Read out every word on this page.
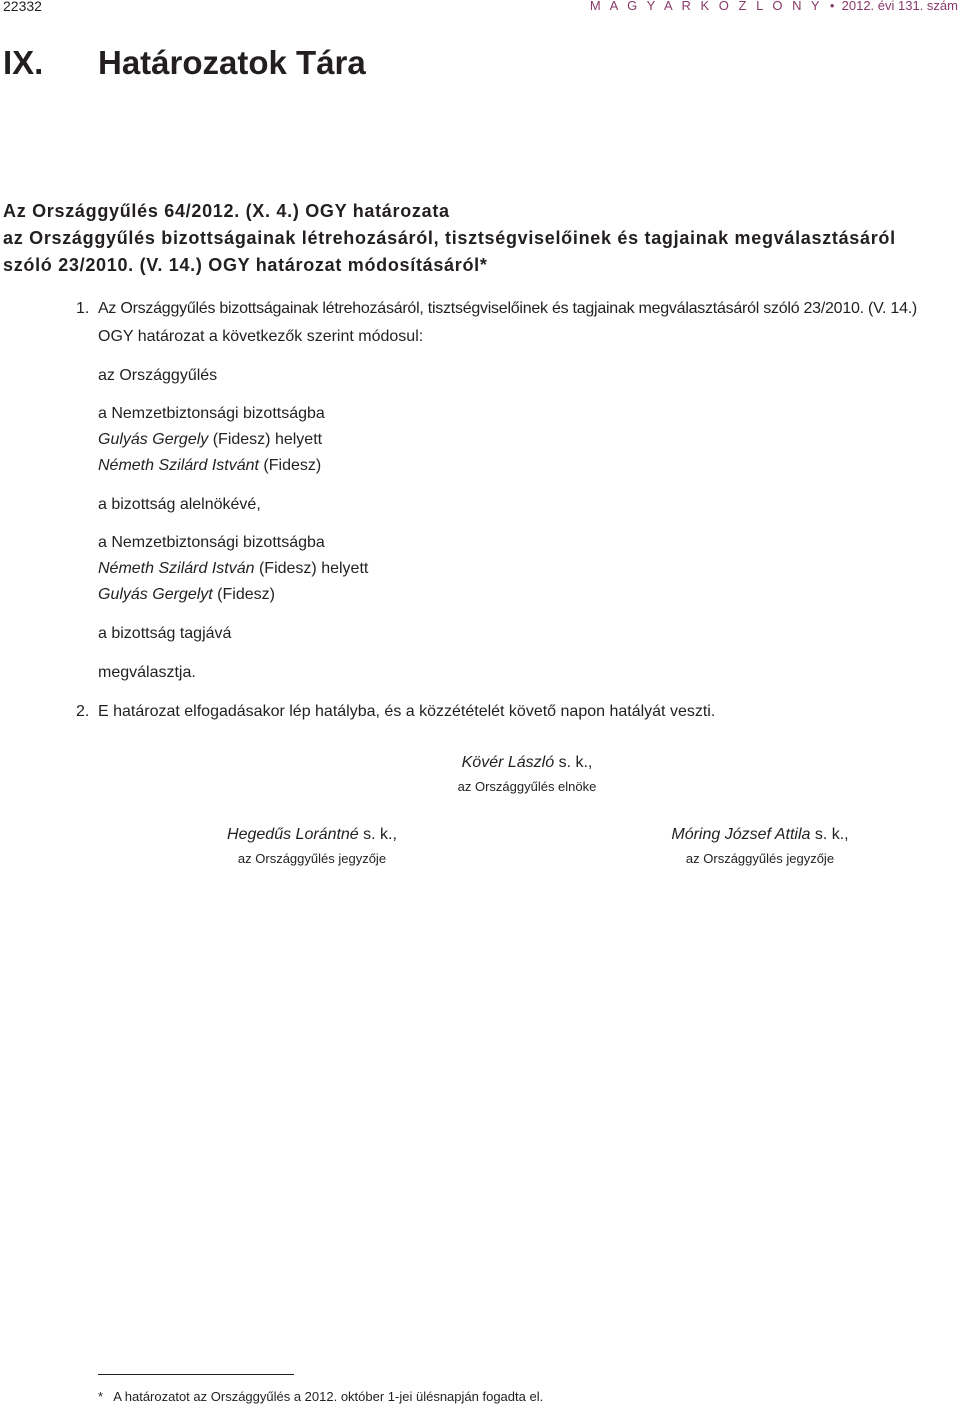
22332	M A G Y A R K Ö Z L Ö N Y  •  2012. évi 131. szám
IX. Határozatok Tára
Az Országgyűlés 64/2012. (X. 4.) OGY határozata
az Országgyűlés bizottságainak létrehozásáról, tisztségviselőinek és tagjainak megválasztásáról
szóló 23/2010. (V. 14.) OGY határozat módosításáról*
1. Az Országgyűlés bizottságainak létrehozásáról, tisztségviselőinek és tagjainak megválasztásáról szóló 23/2010. (V. 14.)
OGY határozat a következők szerint módosul:
az Országgyűlés
a Nemzetbiztonsági bizottságba
Gulyás Gergely (Fidesz) helyett
Németh Szilárd Istvánt (Fidesz)
a bizottság alelnökévé,
a Nemzetbiztonsági bizottságba
Németh Szilárd István (Fidesz) helyett
Gulyás Gergelyt (Fidesz)
a bizottság tagjává
megválasztja.
2. E határozat elfogadásakor lép hatályba, és a közzétételét követő napon hatályát veszti.
Kövér László s. k.,
az Országgyűlés elnöke
Hegedűs Lorántné s. k.,
az Országgyűlés jegyzője
Móring József Attila s. k.,
az Országgyűlés jegyzője
* A határozatot az Országgyűlés a 2012. október 1-jei ülésnapján fogadta el.
